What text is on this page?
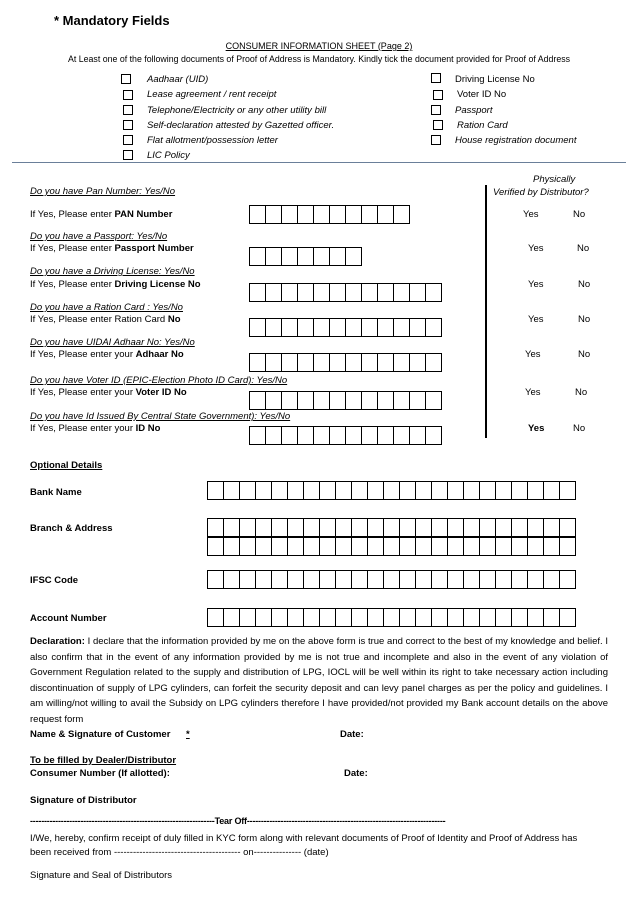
* Mandatory Fields
CONSUMER INFORMATION SHEET (Page 2)
At Least one of the following documents of Proof of Address is Mandatory. Kindly tick the document provided for Proof of Address
Aadhaar (UID)
Lease agreement / rent receipt
Telephone/Electricity or any other utility bill
Self-declaration attested by Gazetted officer.
Flat allotment/possession letter
LIC Policy
Driving License No
Voter ID No
Passport
Ration Card
House registration document
Physically
Verified by Distributor?
Do you have Pan Number: Yes/No
If Yes, Please enter PAN Number	Yes	No
Do you have a Passport: Yes/No
If Yes, Please enter Passport Number	Yes	No
Do you have a Driving License: Yes/No
If Yes, Please enter Driving License No	Yes	No
Do you have a Ration Card : Yes/No
If Yes, Please enter Ration Card No	Yes	No
Do you have UIDAI Adhaar No: Yes/No
If Yes, Please enter your Adhaar No	Yes	No
Do you have Voter ID (EPIC-Election Photo ID Card): Yes/No
If Yes, Please enter your Voter ID No	Yes	No
Do you have Id Issued By Central State Government): Yes/No
If Yes, Please enter your ID No	Yes	No
Optional Details
Bank Name
Branch & Address
IFSC Code
Account Number
Declaration: I declare that the information provided by me on the above form is true and correct to the best of my knowledge and belief. I also confirm that in the event of any information provided by me is not true and incomplete and also in the event of any violation of Government Regulation related to the supply and distribution of LPG, IOCL will be well within its right to take necessary action including discontinuation of supply of LPG cylinders, can forfeit the security deposit and can levy panel charges as per the policy and guidelines. I am willing/not willing to avail the Subsidy on LPG cylinders therefore I have provided/not provided my Bank account details on the above request form
Name & Signature of Customer *	Date:
To be filled by Dealer/Distributor
Consumer Number (If allotted):	Date:
Signature of Distributor
------------------------------------------------------------------Tear Off-----------------------------------------------------------------------
I/We, hereby, confirm receipt of duly filled in KYC form along with relevant documents of Proof of Identity and Proof of Address has
been received from ---------------------------------------- on--------------- (date)
Signature and Seal of Distributors
